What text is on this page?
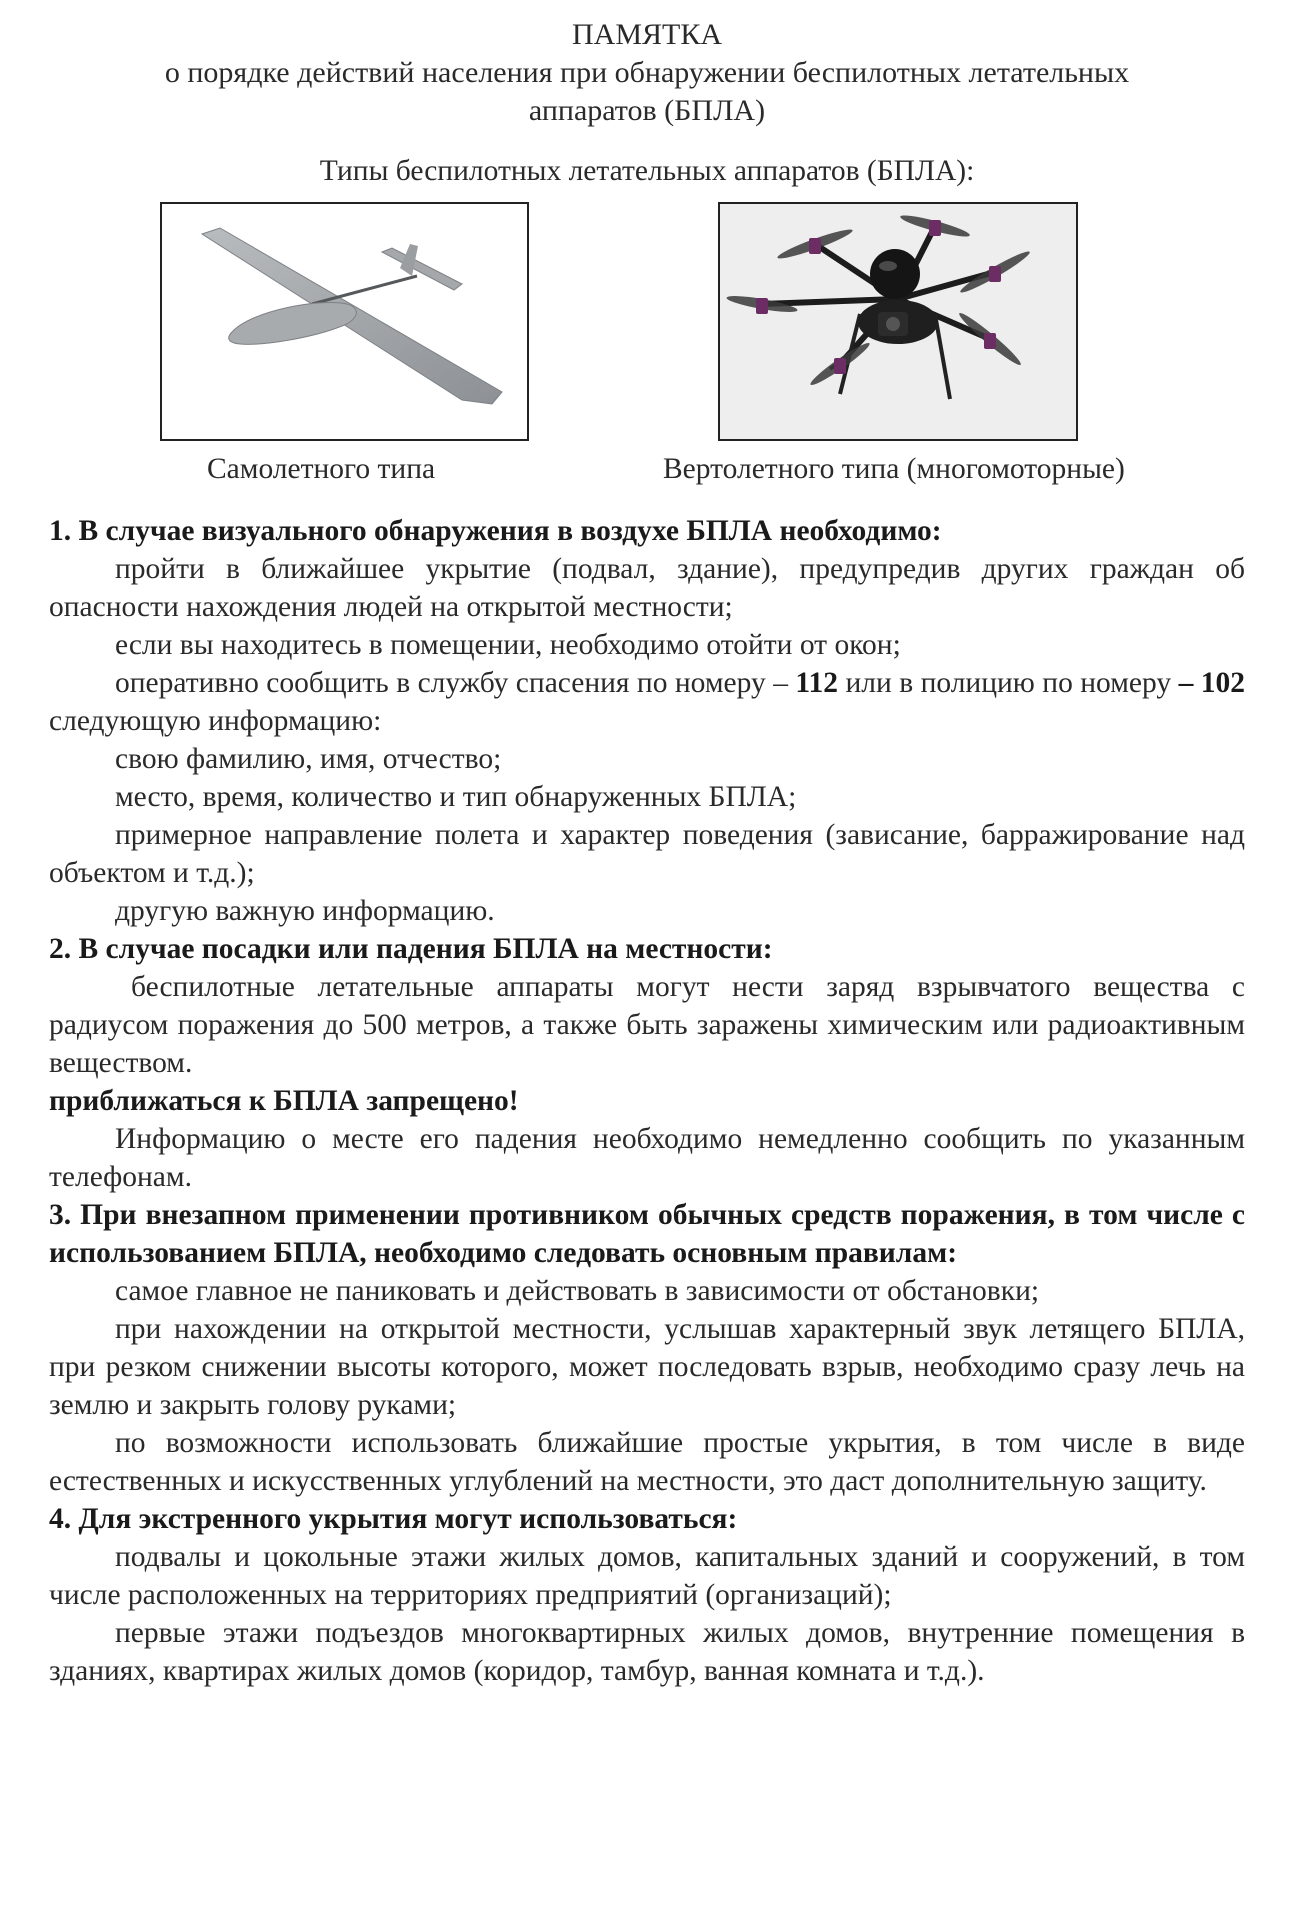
ПАМЯТКА
о порядке действий населения при обнаружении беспилотных летательных
аппаратов (БПЛА)
Типы беспилотных летательных аппаратов (БПЛА):
Самолетного типа	Вертолетного типа (многомоторные)

1. В случае визуального обнаружения в воздухе БПЛА необходимо:

пройти в ближайшее укрытие (подвал, здание), предупредив других граждан об опасности нахождения людей на открытой местности;

если вы находитесь в помещении, необходимо отойти от окон;

оперативно сообщить в службу спасения по номеру – 112 или в полицию по номеру – 102 следующую информацию:

свою фамилию, имя, отчество;

место, время, количество и тип обнаруженных БПЛА;

примерное направление полета и характер поведения (зависание, барражирование над объектом и т.д.);

другую важную информацию.

2. В случае посадки или падения БПЛА на местности:

беспилотные летательные аппараты могут нести заряд взрывчатого вещества с радиусом поражения до 500 метров, а также быть заражены химическим или радиоактивным веществом.

приближаться к БПЛА запрещено!

Информацию о месте его падения необходимо немедленно сообщить по указанным телефонам.

3. При внезапном применении противником обычных средств поражения, в том числе с использованием БПЛА, необходимо следовать основным правилам:

самое главное не паниковать и действовать в зависимости от обстановки;

при нахождении на открытой местности, услышав характерный звук летящего БПЛА, при резком снижении высоты которого, может последовать взрыв, необходимо сразу лечь на землю и закрыть голову руками;

по возможности использовать ближайшие простые укрытия, в том числе в виде естественных и искусственных углублений на местности, это даст дополнительную защиту.

4. Для экстренного укрытия могут использоваться:

подвалы и цокольные этажи жилых домов, капитальных зданий и сооружений, в том числе расположенных на территориях предприятий (организаций);

первые этажи подъездов многоквартирных жилых домов, внутренние помещения в зданиях, квартирах жилых домов (коридор, тамбур, ванная комната и т.д.).
